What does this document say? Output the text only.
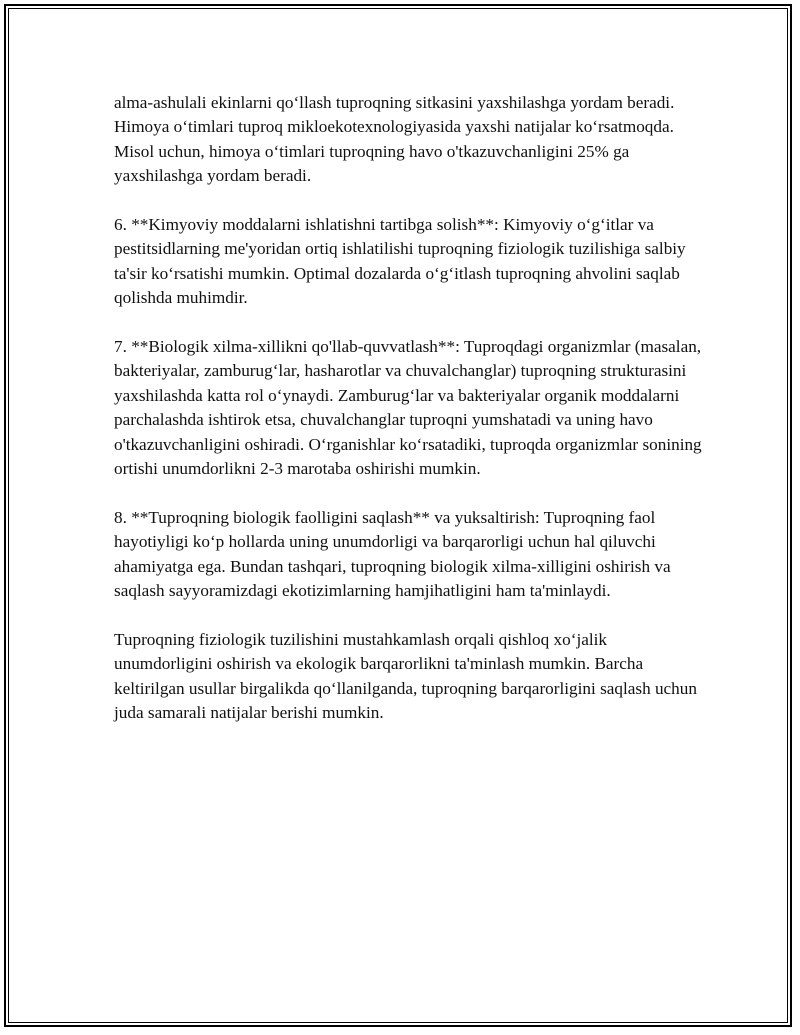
alma-ashulali ekinlarni qo‘llash tuproqning sitkasini yaxshilashga yordam beradi. Himoya o‘timlari tuproq mikloekotexnologiyasida yaxshi natijalar ko‘rsatmoqda. Misol uchun, himoya o‘timlari tuproqning havo o'tkazuvchanligini 25% ga yaxshilashga yordam beradi.

6. **Kimyoviy moddalarni ishlatishni tartibga solish**: Kimyoviy o‘g‘itlar va pestitsidlarning me'yoridan ortiq ishlatilishi tuproqning fiziologik tuzilishiga salbiy ta'sir ko‘rsatishi mumkin. Optimal dozalarda o‘g‘itlash tuproqning ahvolini saqlab qolishda muhimdir.

7. **Biologik xilma-xillikni qo'llab-quvvatlash**: Tuproqdagi organizmlar (masalan, bakteriyalar, zamburug‘lar, hasharotlar va chuvalchanglar) tuproqning strukturasini yaxshilashda katta rol o‘ynaydi. Zamburug‘lar va bakteriyalar organik moddalarni parchalashda ishtirok etsa, chuvalchanglar tuproqni yumshatadi va uning havo o'tkazuvchanligini oshiradi. O‘rganishlar ko‘rsatadiki, tuproqda organizmlar sonining ortishi unumdorlikni 2-3 marotaba oshirishi mumkin.

8. **Tuproqning biologik faolligini saqlash** va yuksaltirish: Tuproqning faol hayotiyligi ko‘p hollarda uning unumdorligi va barqarorligi uchun hal qiluvchi ahamiyatga ega. Bundan tashqari, tuproqning biologik xilma-xilligini oshirish va saqlash sayyoramizdagi ekotizimlarning hamjihatligini ham ta'minlaydi.

Tuproqning fiziologik tuzilishini mustahkamlash orqali qishloq xo‘jalik unumdorligini oshirish va ekologik barqarorlikni ta'minlash mumkin. Barcha keltirilgan usullar birgalikda qo‘llanilganda, tuproqning barqarorligini saqlash uchun juda samarali natijalar berishi mumkin.
